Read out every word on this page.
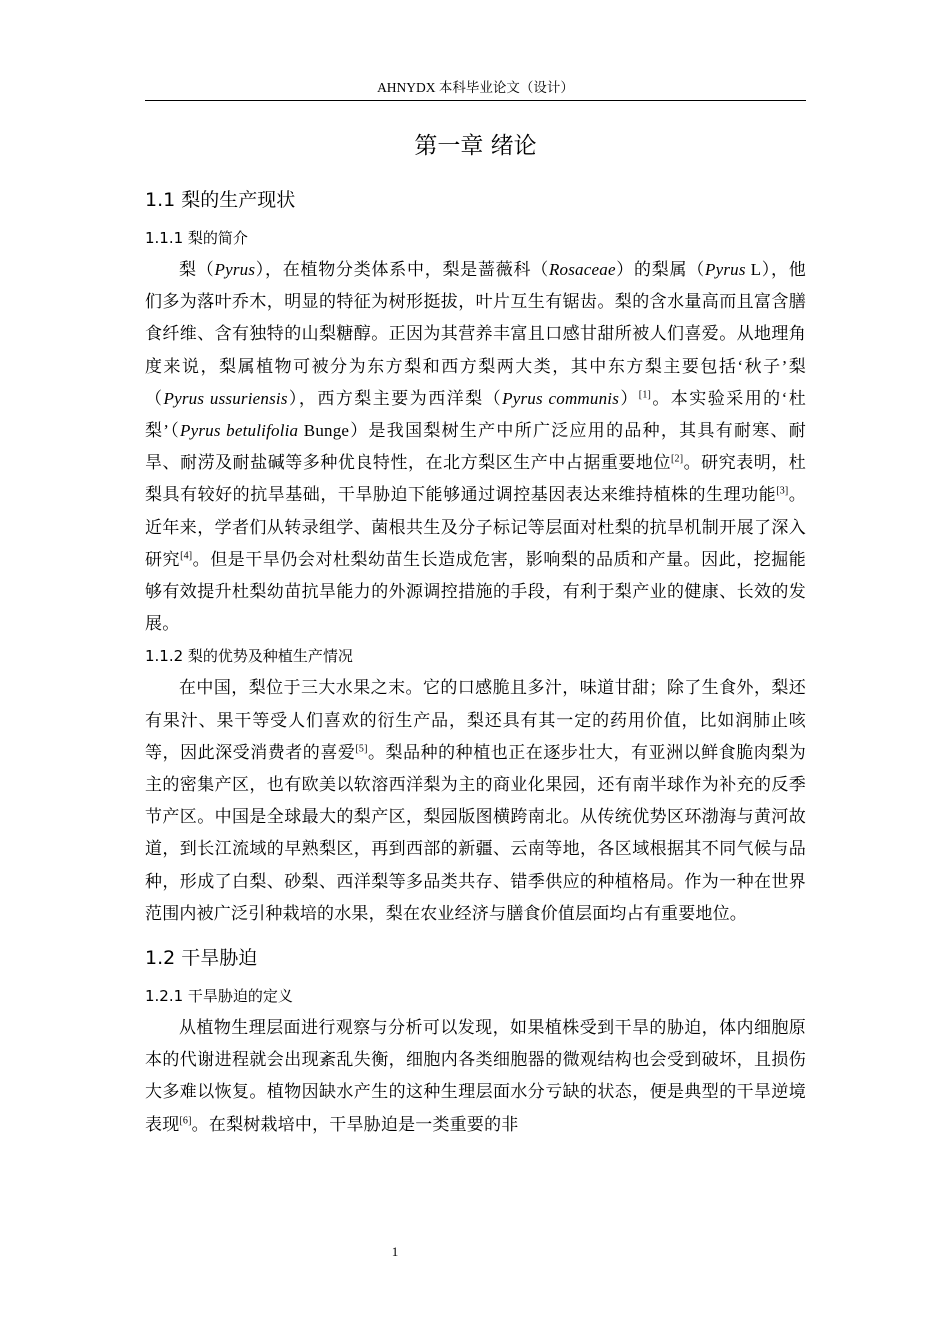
AHNYDX 本科毕业论文（设计）
第一章 绪论
1.1 梨的生产现状
1.1.1 梨的简介

梨（Pyrus），在植物分类体系中，梨是蔷薇科（Rosaceae）的梨属（Pyrus L），他们多为落叶乔木，明显的特征为树形挺拔，叶片互生有锯齿。梨的含水量高而且富含膳食纤维、含有独特的山梨糖醇。正因为其营养丰富且口感甘甜所被人们喜爱。从地理角度来说，梨属植物可被分为东方梨和西方梨两大类，其中东方梨主要包括‘秋子’梨（Pyrus ussuriensis），西方梨主要为西洋梨（Pyrus communis）[1]。本实验采用的‘杜梨’（Pyrus betulifolia Bunge）是我国梨树生产中所广泛应用的品种，其具有耐寒、耐旱、耐涝及耐盐碱等多种优良特性，在北方梨区生产中占据重要地位[2]。研究表明，杜梨具有较好的抗旱基础，干旱胁迫下能够通过调控基因表达来维持植株的生理功能[3]。近年来，学者们从转录组学、菌根共生及分子标记等层面对杜梨的抗旱机制开展了深入研究[4]。但是干旱仍会对杜梨幼苗生长造成危害，影响梨的品质和产量。因此，挖掘能够有效提升杜梨幼苗抗旱能力的外源调控措施的手段，有利于梨产业的健康、长效的发展。

1.1.2 梨的优势及种植生产情况

在中国，梨位于三大水果之末。它的口感脆且多汁，味道甘甜；除了生食外，梨还有果汁、果干等受人们喜欢的衍生产品，梨还具有其一定的药用价值，比如润肺止咳等，因此深受消费者的喜爱[5]。梨品种的种植也正在逐步壮大，有亚洲以鲜食脆肉梨为主的密集产区，也有欧美以软溶西洋梨为主的商业化果园，还有南半球作为补充的反季节产区。中国是全球最大的梨产区，梨园版图横跨南北。从传统优势区环渤海与黄河故道，到长江流域的早熟梨区，再到西部的新疆、云南等地，各区域根据其不同气候与品种，形成了白梨、砂梨、西洋梨等多品类共存、错季供应的种植格局。作为一种在世界范围内被广泛引种栽培的水果，梨在农业经济与膳食价值层面均占有重要地位。

1.2 干旱胁迫
1.2.1 干旱胁迫的定义

从植物生理层面进行观察与分析可以发现，如果植株受到干旱的胁迫，体内细胞原本的代谢进程就会出现紊乱失衡，细胞内各类细胞器的微观结构也会受到破坏，且损伤大多难以恢复。植物因缺水产生的这种生理层面水分亏缺的状态，便是典型的干旱逆境表现[6]。在梨树栽培中，干旱胁迫是一类重要的非

1
